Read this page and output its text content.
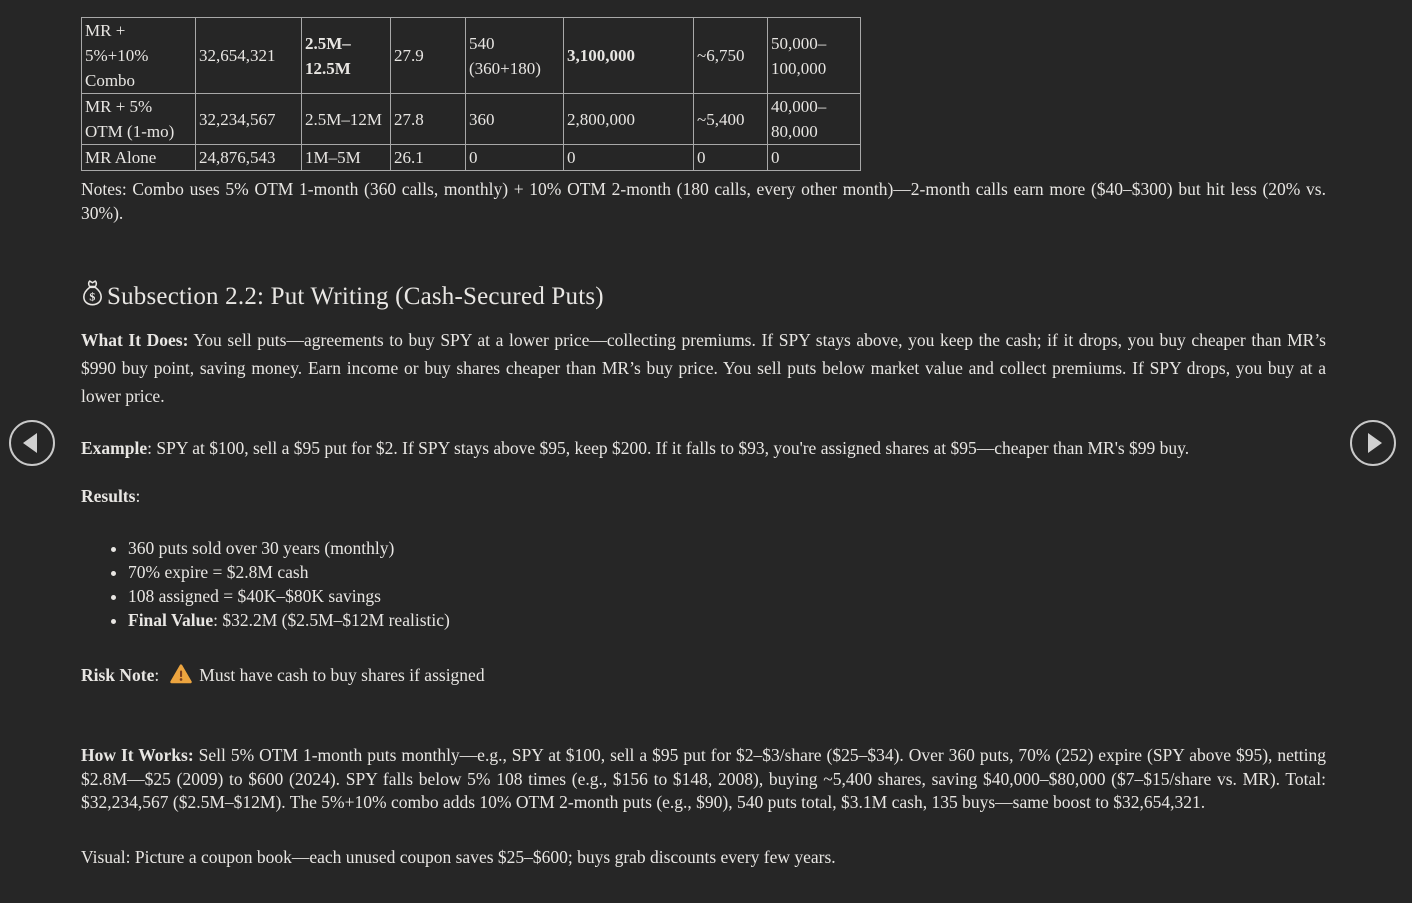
MR + 5%+10% Combo	32,654,321	2.5M–12.5M	27.9	540 (360+180)	3,100,000	~6,750	50,000–100,000
MR + 5% OTM (1-mo)	32,234,567	2.5M–12M	27.8	360	2,800,000	~5,400	40,000–80,000
MR Alone	24,876,543	1M–5M	26.1	0	0	0	0

Notes: Combo uses 5% OTM 1-month (360 calls, monthly) + 10% OTM 2-month (180 calls, every other month)—2-month calls earn more ($40–$300) but hit less (20% vs. 30%).

$ Subsection 2.2: Put Writing (Cash-Secured Puts)

What It Does: You sell puts—agreements to buy SPY at a lower price—collecting premiums. If SPY stays above, you keep the cash; if it drops, you buy cheaper than MR’s $990 buy point, saving money. Earn income or buy shares cheaper than MR’s buy price. You sell puts below market value and collect premiums. If SPY drops, you buy at a lower price.

Example: SPY at $100, sell a $95 put for $2. If SPY stays above $95, keep $200. If it falls to $93, you're assigned shares at $95—cheaper than MR's $99 buy.

Results:

• 360 puts sold over 30 years (monthly)
• 70% expire = $2.8M cash
• 108 assigned = $40K–$80K savings
• Final Value: $32.2M ($2.5M–$12M realistic)

Risk Note: Must have cash to buy shares if assigned

How It Works: Sell 5% OTM 1-month puts monthly—e.g., SPY at $100, sell a $95 put for $2–$3/share ($25–$34). Over 360 puts, 70% (252) expire (SPY above $95), netting $2.8M—$25 (2009) to $600 (2024). SPY falls below 5% 108 times (e.g., $156 to $148, 2008), buying ~5,400 shares, saving $40,000–$80,000 ($7–$15/share vs. MR). Total: $32,234,567 ($2.5M–$12M). The 5%+10% combo adds 10% OTM 2-month puts (e.g., $90), 540 puts total, $3.1M cash, 135 buys—same boost to $32,654,321.

Visual: Picture a coupon book—each unused coupon saves $25–$600; buys grab discounts every few years.
